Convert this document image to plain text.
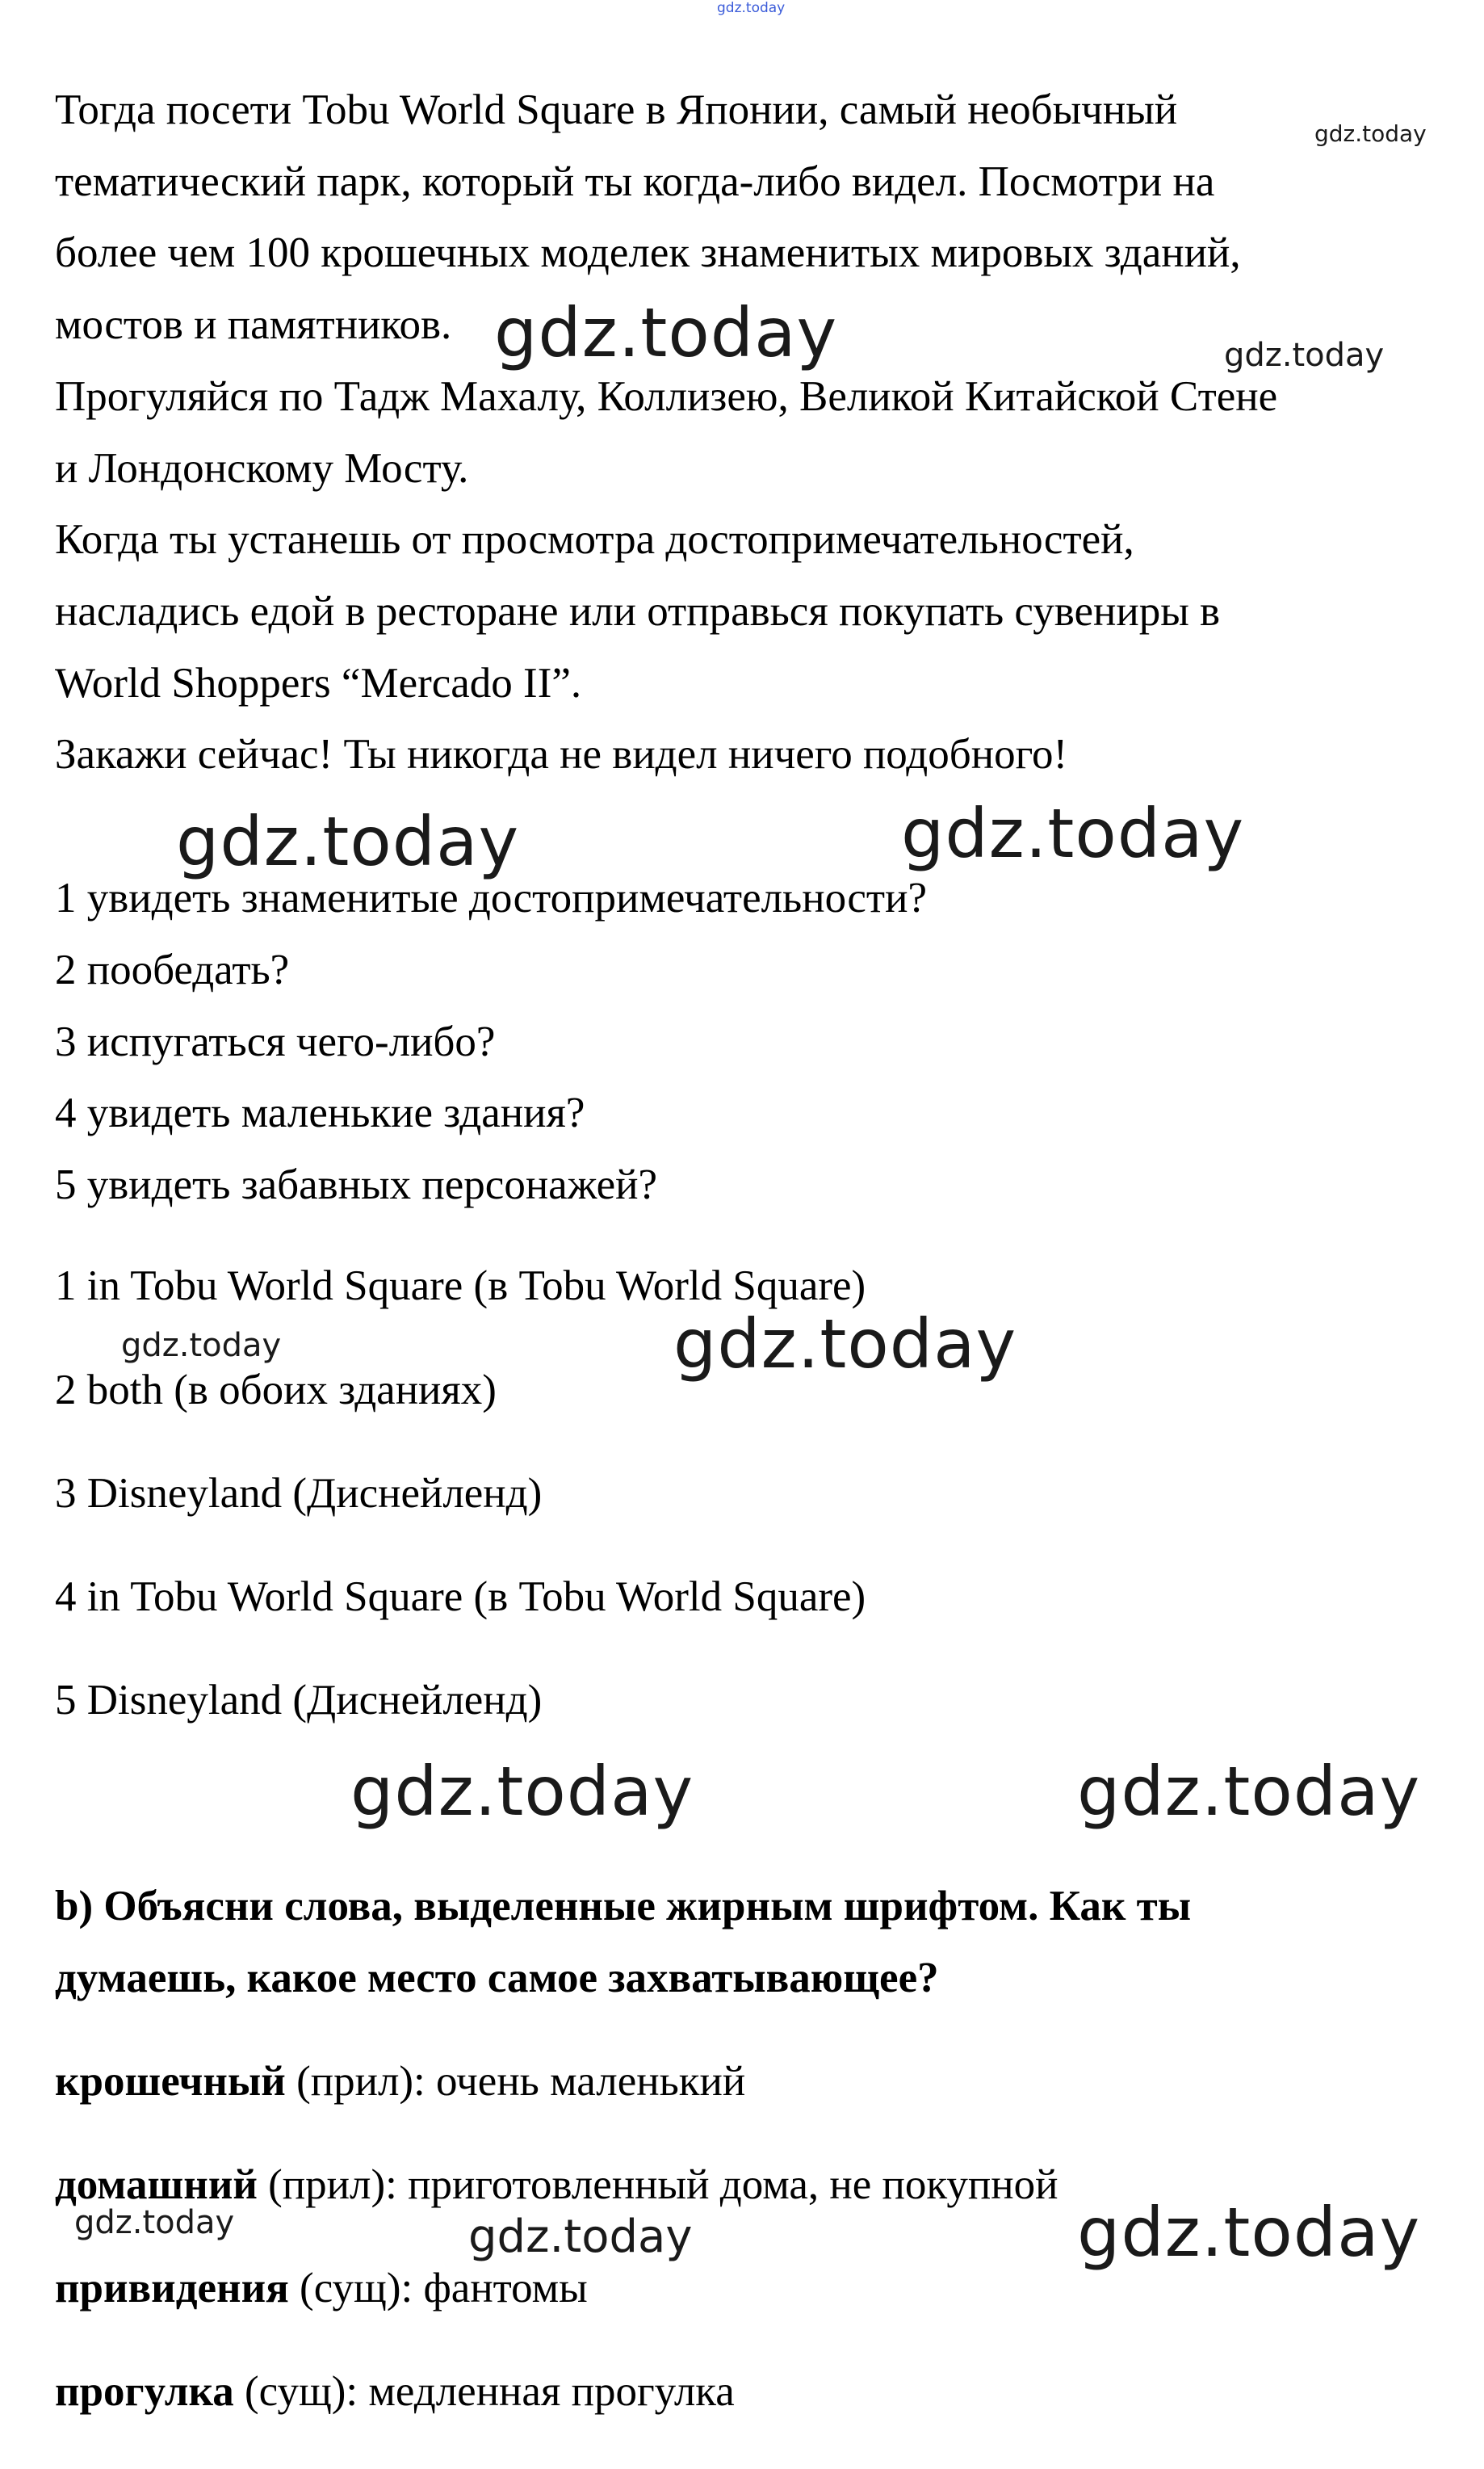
gdz.today
Тогда посети Tobu World Square в Японии, самый необычный
тематический парк, который ты когда-либо видел. Посмотри на
более чем 100 крошечных моделек знаменитых мировых зданий,
мостов и памятников.
Прогуляйся по Тадж Махалу, Коллизею, Великой Китайской Стене
и Лондонскому Мосту.
Когда ты устанешь от просмотра достопримечательностей,
насладись едой в ресторане или отправься покупать сувениры в
World Shoppers “Mercado II”.
Закажи сейчас! Ты никогда не видел ничего подобного!
1 увидеть знаменитые достопримечательности?
2 пообедать?
3 испугаться чего-либо?
4 увидеть маленькие здания?
5 увидеть забавных персонажей?
1 in Tobu World Square (в Tobu World Square)
2 both (в обоих зданиях)
3 Disneyland (Диснейленд)
4 in Tobu World Square (в Tobu World Square)
5 Disneyland (Диснейленд)
b) Объясни слова, выделенные жирным шрифтом. Как ты
думаешь, какое место самое захватывающее?
крошечный (прил): очень маленький
домашний (прил): приготовленный дома, не покупной
привидения (сущ): фантомы
прогулка (сущ): медленная прогулка
gdz.today
gdz.today	gdz.today
gdz.today	gdz.today
gdz.today	gdz.today
gdz.today	gdz.today
gdz.today	gdz.today	gdz.today
